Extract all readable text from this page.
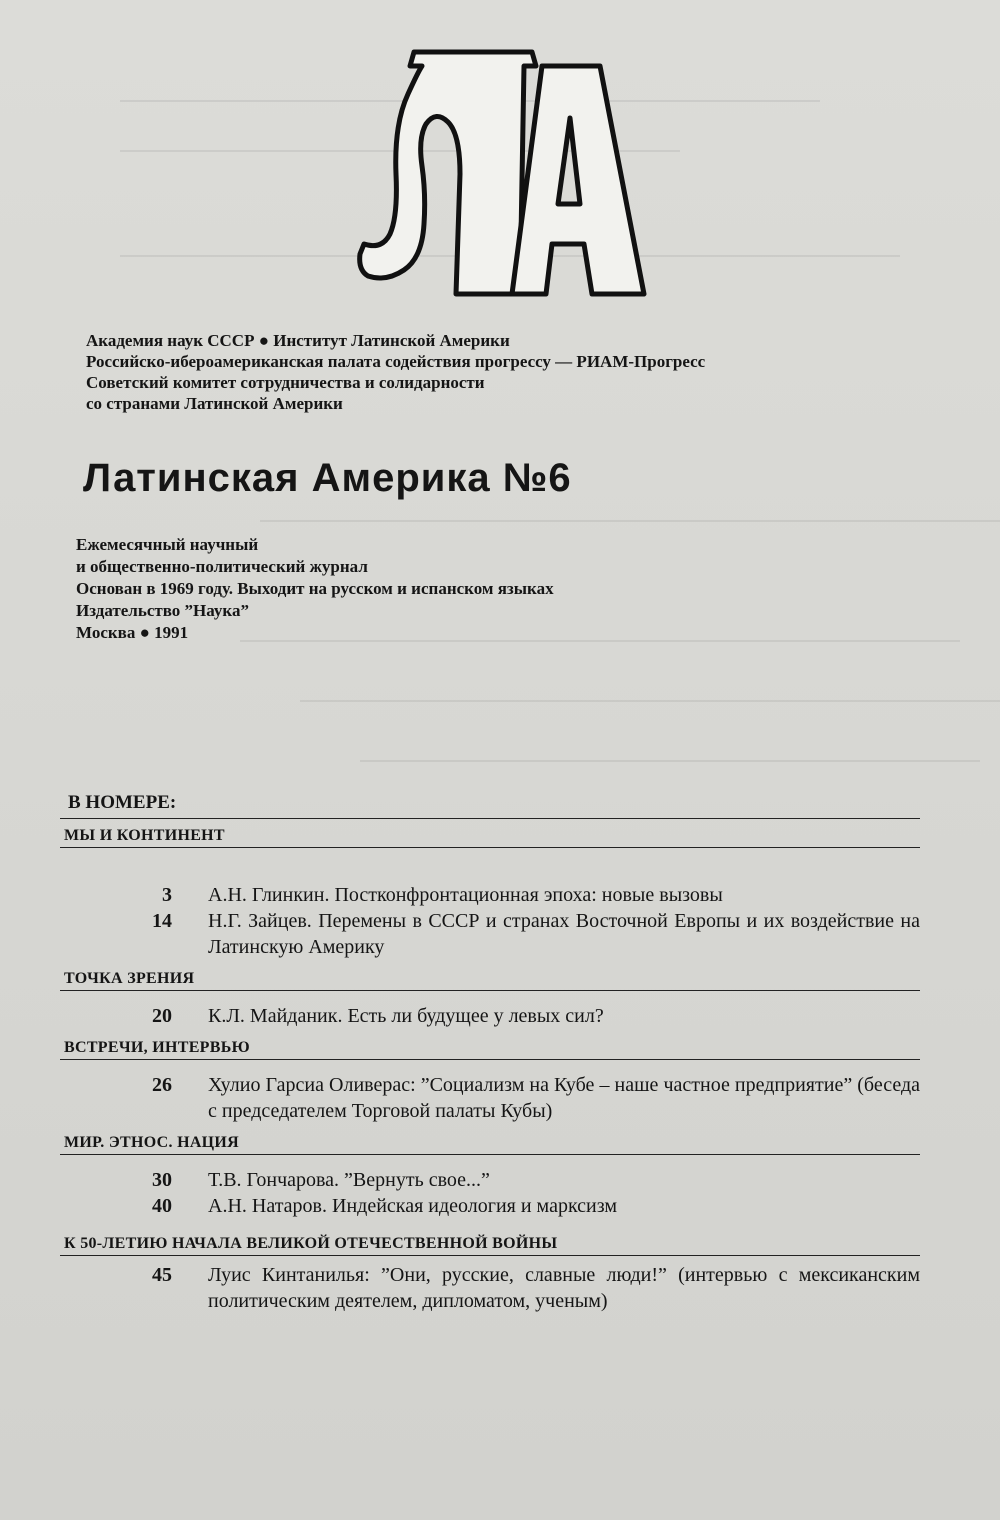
Академия наук СССР ● Институт Латинской Америки
Российско-ибероамериканская палата содействия прогрессу — РИАМ-Прогресс
Советский комитет сотрудничества и солидарности
со странами Латинской Америки
Латинская Америка №6
Ежемесячный научный
и общественно-политический журнал
Основан в 1969 году. Выходит на русском и испанском языках
Издательство ”Наука”
Москва ● 1991
В НОМЕРЕ:
МЫ И КОНТИНЕНТ
3	А.Н. Глинкин. Постконфронтационная эпоха: новые вызовы
14	Н.Г. Зайцев. Перемены в СССР и странах Восточной Европы и их воздействие на Латинскую Америку
ТОЧКА ЗРЕНИЯ
20	К.Л. Майданик. Есть ли будущее у левых сил?
ВСТРЕЧИ, ИНТЕРВЬЮ
26	Хулио Гарсиа Оливерас: ”Социализм на Кубе – наше частное предприятие” (беседа с председателем Торговой палаты Кубы)
МИР. ЭТНОС. НАЦИЯ
30	Т.В. Гончарова. ”Вернуть свое...”
40	А.Н. Натаров. Индейская идеология и марксизм
К 50-ЛЕТИЮ НАЧАЛА ВЕЛИКОЙ ОТЕЧЕСТВЕННОЙ ВОЙНЫ
45	Луис Кинтанилья: ”Они, русские, славные люди!” (интервью с мексиканским политическим деятелем, дипломатом, ученым)
